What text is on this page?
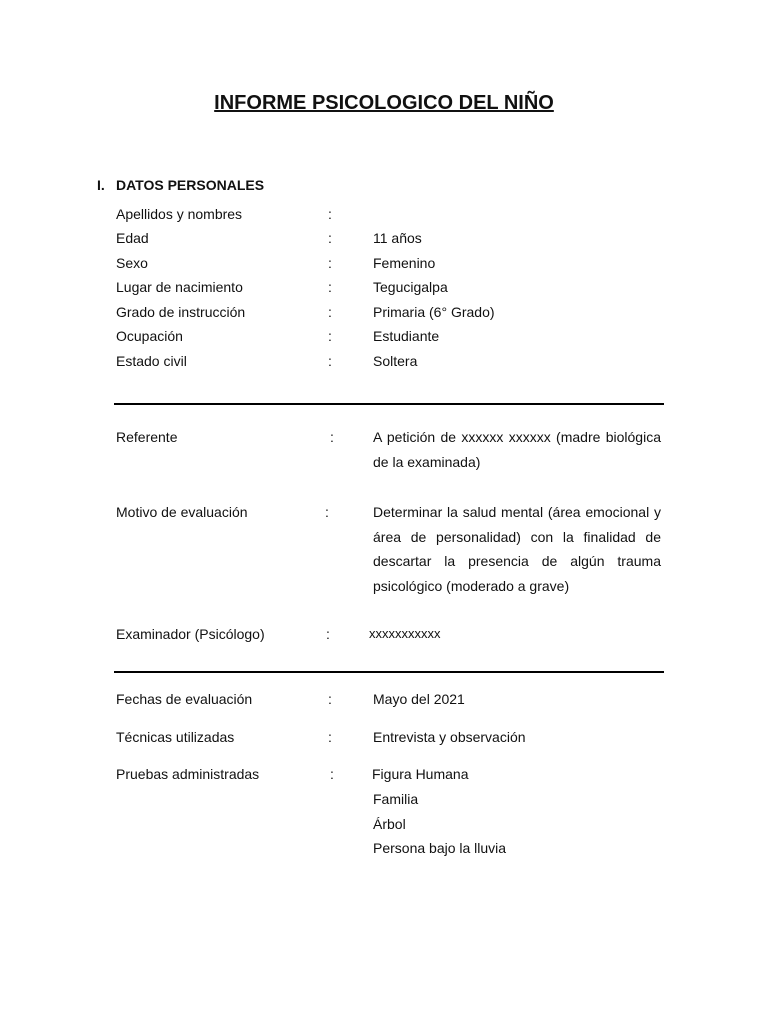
INFORME PSICOLOGICO DEL NIÑO
I. DATOS PERSONALES
Apellidos y nombres	:
Edad	:	11 años
Sexo	:	Femenino
Lugar de nacimiento	:	Tegucigalpa
Grado de instrucción	:	Primaria (6° Grado)
Ocupación	:	Estudiante
Estado civil	:	Soltera
Referente	:	A petición de xxxxxx xxxxxx (madre biológica de la examinada)
Motivo de evaluación	:	Determinar la salud mental (área emocional y área de personalidad) con la finalidad de descartar la presencia de algún trauma psicológico (moderado a grave)
Examinador (Psicólogo)	:	xxxxxxxxxxx
Fechas de evaluación	:	Mayo del 2021
Técnicas utilizadas	:	Entrevista y observación
Pruebas administradas	:	Figura Humana
Familia
Árbol
Persona bajo la lluvia
